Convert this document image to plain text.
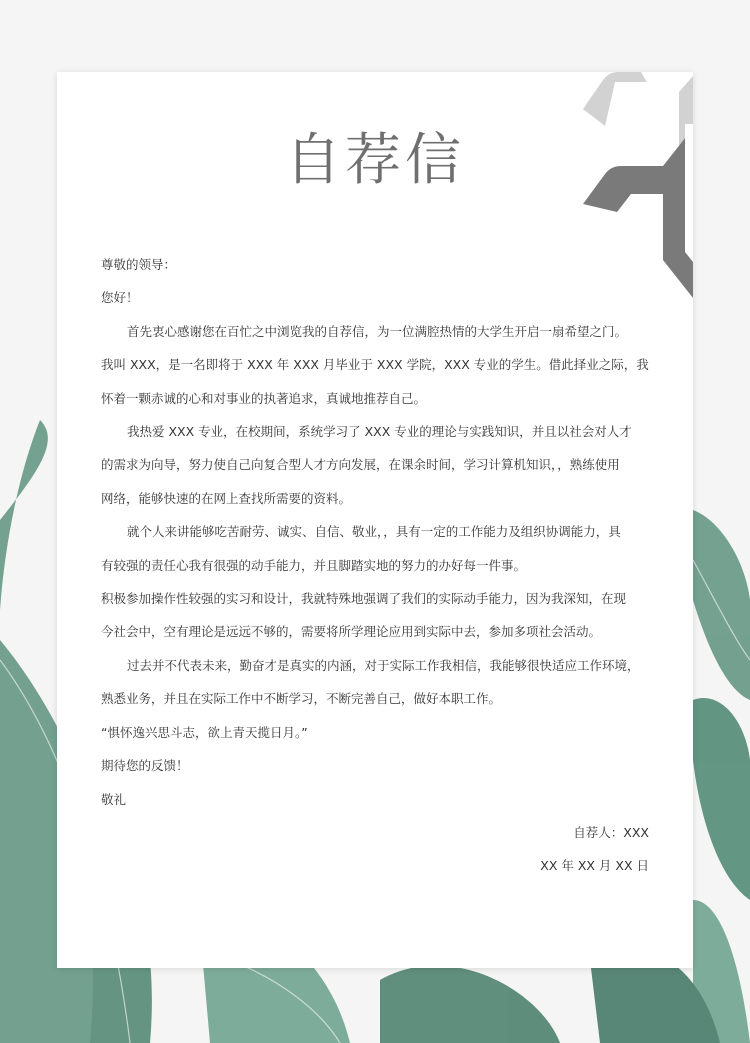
自荐信
尊敬的领导：
您好！
首先衷心感谢您在百忙之中浏览我的自荐信，为一位满腔热情的大学生开启一扇希望之门。
我叫 XXX，是一名即将于 XXX 年 XXX 月毕业于 XXX 学院，XXX 专业的学生。借此择业之际，我
怀着一颗赤诚的心和对事业的执著追求，真诚地推荐自己。
我热爱 XXX 专业，在校期间，系统学习了 XXX 专业的理论与实践知识，并且以社会对人才
的需求为向导，努力使自己向复合型人才方向发展，在课余时间，学习计算机知识，，熟练使用
网络，能够快速的在网上查找所需要的资料。
就个人来讲能够吃苦耐劳、诚实、自信、敬业，，具有一定的工作能力及组织协调能力，具
有较强的责任心我有很强的动手能力，并且脚踏实地的努力的办好每一件事。
积极参加操作性较强的实习和设计，我就特殊地强调了我们的实际动手能力，因为我深知，在现
今社会中，空有理论是远远不够的，需要将所学理论应用到实际中去，参加多项社会活动。
过去并不代表未来，勤奋才是真实的内涵，对于实际工作我相信，我能够很快适应工作环境，
熟悉业务，并且在实际工作中不断学习，不断完善自己，做好本职工作。
“惧怀逸兴思斗志，欲上青天揽日月。”
期待您的反馈！
敬礼
自荐人：XXX
XX 年 XX 月 XX 日
